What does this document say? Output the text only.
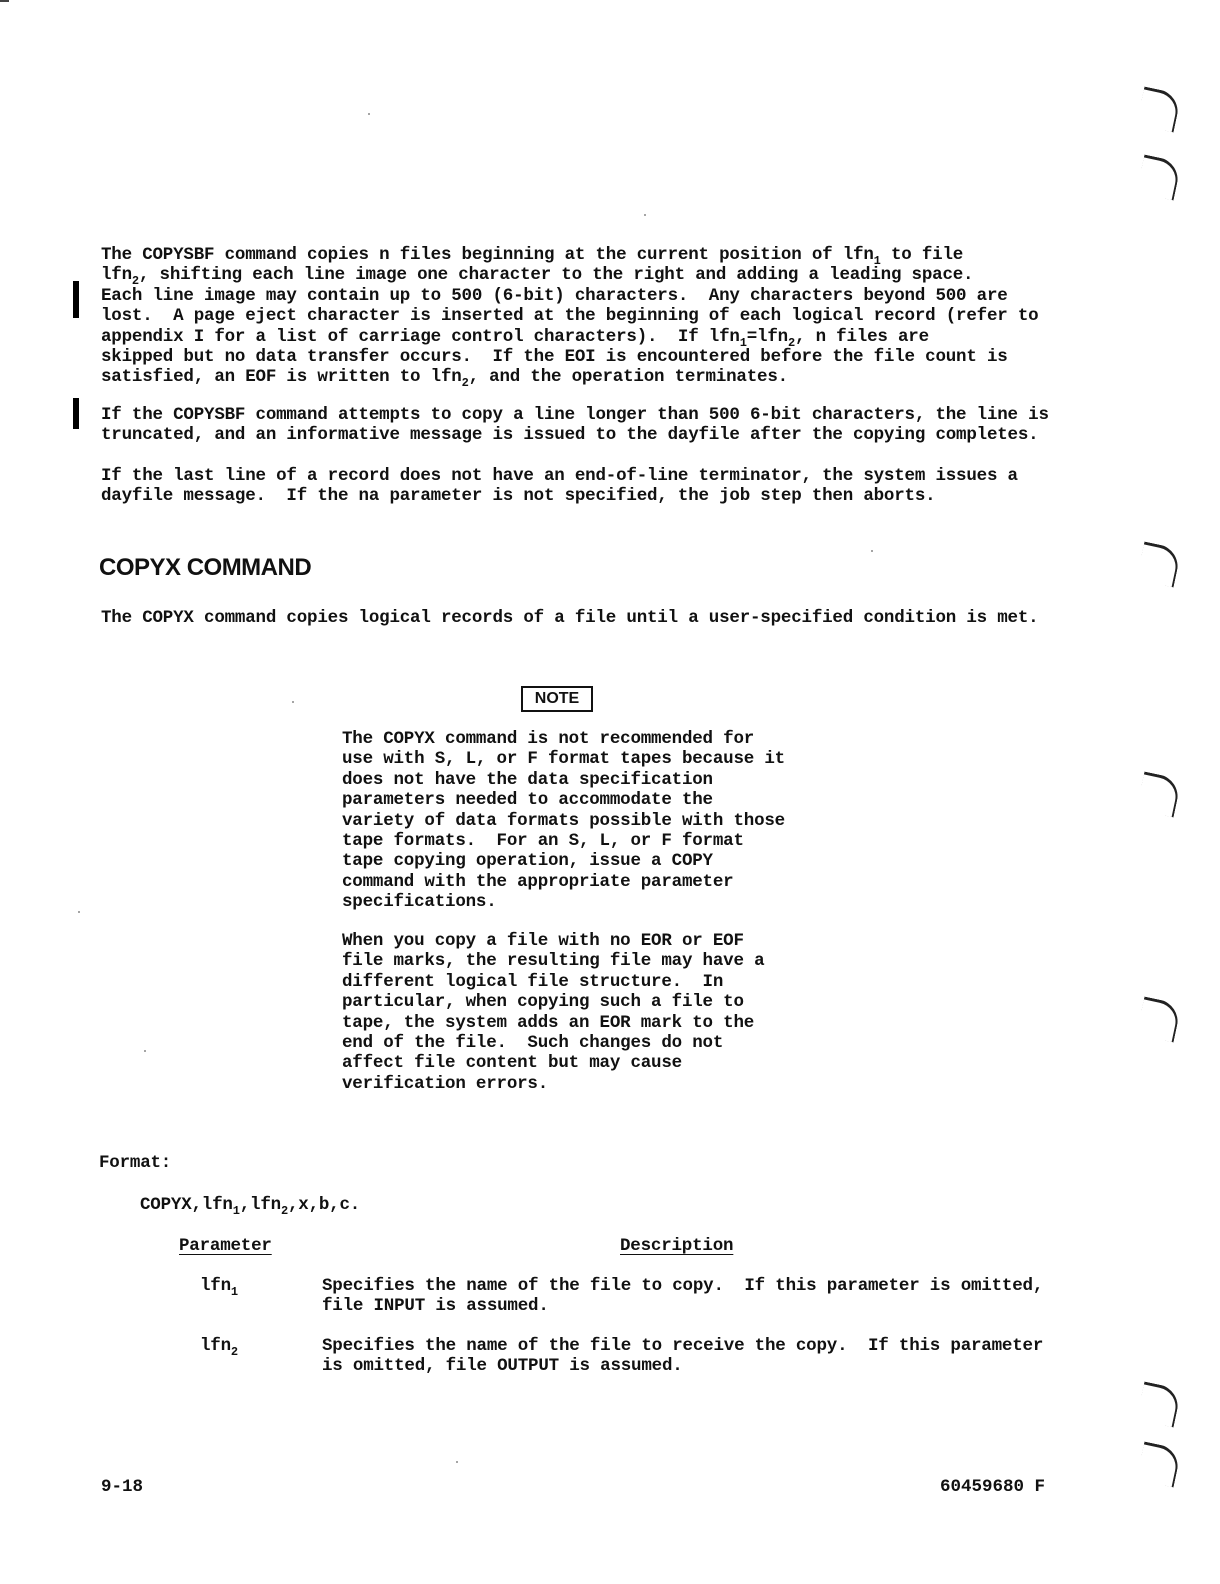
The COPYSBF command copies n files beginning at the current position of lfn$_1$ to file
lfn$_2$, shifting each line image one character to the right and adding a leading space.
Each line image may contain up to 500 (6-bit) characters.  Any characters beyond 500 are
lost.  A page eject character is inserted at the beginning of each logical record (refer to
appendix I for a list of carriage control characters).  If lfn$_1$=lfn$_2$, n files are
skipped but no data transfer occurs.  If the EOI is encountered before the file count is
satisfied, an EOF is written to lfn$_2$, and the operation terminates.
If the COPYSBF command attempts to copy a line longer than 500 6-bit characters, the line is
truncated, and an informative message is issued to the dayfile after the copying completes.
If the last line of a record does not have an end-of-line terminator, the system issues a
dayfile message.  If the na parameter is not specified, the job step then aborts.
COPYX COMMAND
The COPYX command copies logical records of a file until a user-specified condition is met.
NOTE
The COPYX command is not recommended for
use with S, L, or F format tapes because it
does not have the data specification
parameters needed to accommodate the
variety of data formats possible with those
tape formats.  For an S, L, or F format
tape copying operation, issue a COPY
command with the appropriate parameter
specifications.
When you copy a file with no EOR or EOF
file marks, the resulting file may have a
different logical file structure.  In
particular, when copying such a file to
tape, the system adds an EOR mark to the
end of the file.  Such changes do not
affect file content but may cause
verification errors.
Format:
COPYX,lfn$_1$,lfn$_2$,x,b,c.
Parameter	Description
lfn$_1$	Specifies the name of the file to copy.  If this parameter is omitted,
file INPUT is assumed.
lfn$_2$	Specifies the name of the file to receive the copy.  If this parameter
is omitted, file OUTPUT is assumed.
9-18	60459680 F
